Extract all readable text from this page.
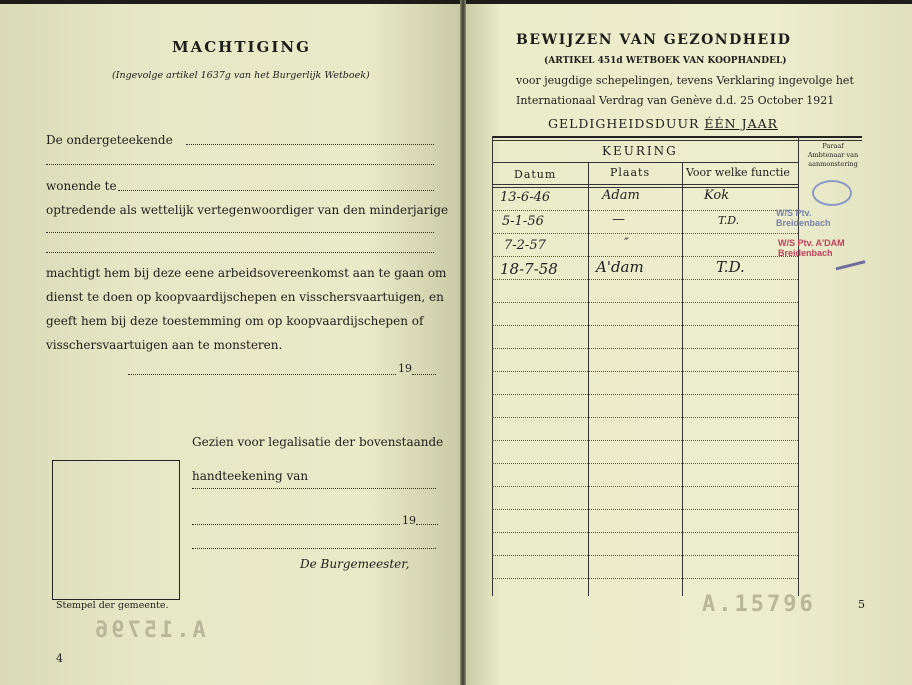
MACHTIGING
(Ingevolge artikel 1637g van het Burgerlijk Wetboek)
De ondergeteekende
wonende te
optredende als wettelijk vertegenwoordiger van den minderjarige
machtigt hem bij deze eene arbeidsovereenkomst aan te gaan om
dienst te doen op koopvaardijschepen en visschersvaartuigen, en
geeft hem bij deze toestemming om op koopvaardijschepen of
visschersvaartuigen aan te monsteren.
19
Stempel der gemeente.
Gezien voor legalisatie der bovenstaande
handteekening van
19
De Burgemeester,
4
A.15796
BEWIJZEN VAN GEZONDHEID
(ARTIKEL 451d WETBOEK VAN KOOPHANDEL)
voor jeugdige schepelingen, tevens Verklaring ingevolge het
Internationaal Verdrag van Genève d.d. 25 October 1921
GELDIGHEIDSDUUR ÉÉN JAAR
KEURING
Datum	Plaats	Voor welke functie
Paraaf Ambtenaar van aanmonstering
13-6-46	Adam	Kok
5-1-56	—	T.D.
7-2-57	″
18-7-58	A'dam	T.D.
W/S Ptv. Breidenbach
W/S Ptv. A'DAM Breidenbach
A.15796	5
